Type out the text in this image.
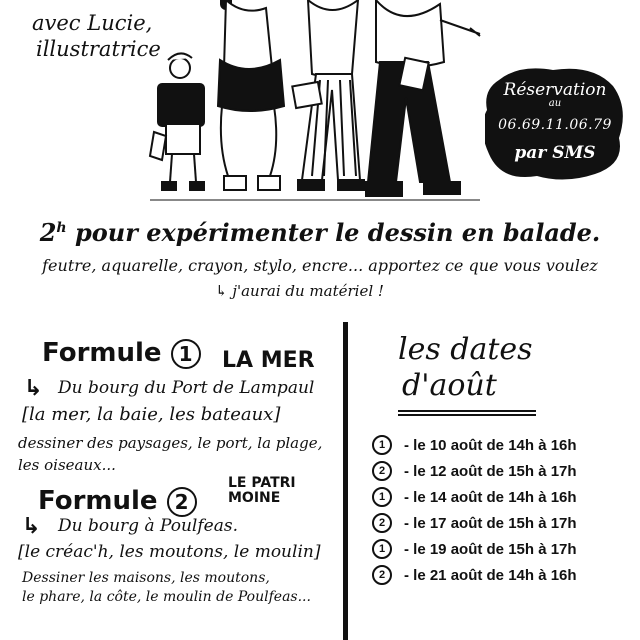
avec Lucie,
illustratrice
Réservation
au
06.69.11.06.79
par SMS
2$^h$ pour expérimenter le dessin en balade.
feutre, aquarelle, crayon, stylo, encre... apportez ce que vous voulez
↳ j'aurai du matériel !
Formule 1	LA MER
↳ Du bourg du Port de Lampaul
[la mer, la baie, les bateaux]
dessiner des paysages, le port, la plage,
les oiseaux...
Formule 2
LE PATRI
MOINE
↳ Du bourg à Poulfeas.
[le créac'h, les moutons, le moulin]
Dessiner les maisons, les moutons,
le phare, la côte, le moulin de Poulfeas...
les dates
d'août
1	- le 10 août de 14h à 16h
2	- le 12 août de 15h à 17h
1	- le 14 août de 14h à 16h
2	- le 17 août de 15h à 17h
1	- le 19 août de 15h à 17h
2	- le 21 août de 14h à 16h
